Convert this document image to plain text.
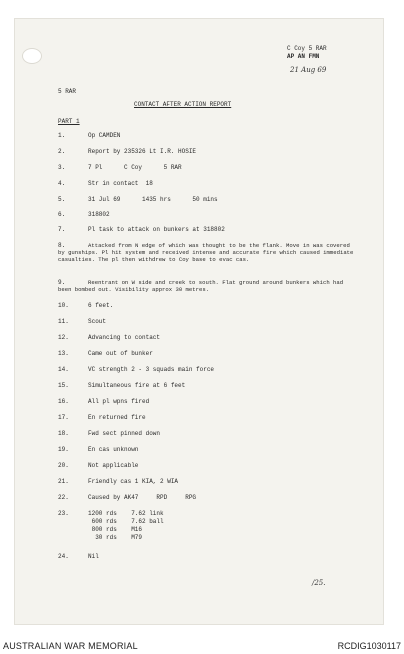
C Coy 5 RAR
AP AN FMN
21 Aug 69
5 RAR
CONTACT AFTER ACTION REPORT
PART 1
1.	Op CAMDEN
2.	Report by 235326 Lt I.R. HOSIE
3.	7 Pl      C Coy      5 RAR
4.	Str in contact  18
5.	31 Jul 69      1435 hrs      50 mins
6.	318802
7.	Pl task to attack on bunkers at 318802
8.	Attacked from N edge of which was thought to be the flank. Move in was covered by gunships. Pl hit system and received intense and accurate fire which caused immediate casualties. The pl then withdrew to Coy base to evac cas.
9.	Reentrant on W side and creek to south. Flat ground around bunkers which had been bombed out. Visibility approx 30 metres.
10.	6 feet.
11.	Scout
12.	Advancing to contact
13.	Came out of bunker
14.	VC strength 2 - 3 squads main force
15.	Simultaneous fire at 6 feet
16.	All pl wpns fired
17.	En returned fire
18.	Fwd sect pinned down
19.	En cas unknown
20.	Not applicable
21.	Friendly cas 1 KIA, 2 WIA
22.	Caused by AK47     RPD     RPG
23.	1200 rds    7.62 link
600 rds    7.62 ball
800 rds    M16
30 rds    M79
24.	Nil
/25.
AUSTRALIAN WAR MEMORIAL	RCDIG1030117
